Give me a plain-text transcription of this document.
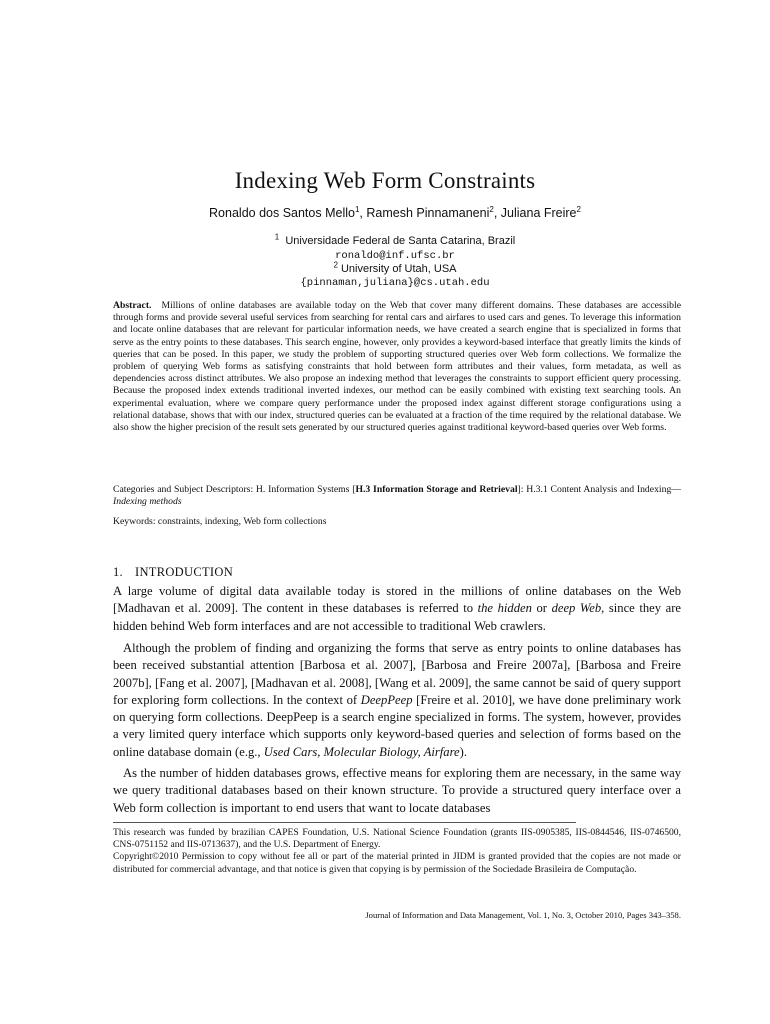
Indexing Web Form Constraints
Ronaldo dos Santos Mello$^1$, Ramesh Pinnamaneni$^2$, Juliana Freire$^2$
$^1$ Universidade Federal de Santa Catarina, Brazil
ronaldo@inf.ufsc.br
$^2$ University of Utah, USA
{pinnaman,juliana}@cs.utah.edu
Abstract. Millions of online databases are available today on the Web that cover many different domains. These databases are accessible through forms and provide several useful services from searching for rental cars and airfares to used cars and genes. To leverage this information and locate online databases that are relevant for particular information needs, we have created a search engine that is specialized in forms that serve as the entry points to these databases. This search engine, however, only provides a keyword-based interface that greatly limits the kinds of queries that can be posed. In this paper, we study the problem of supporting structured queries over Web form collections. We formalize the problem of querying Web forms as satisfying constraints that hold between form attributes and their values, form metadata, as well as dependencies across distinct attributes. We also propose an indexing method that leverages the constraints to support efficient query processing. Because the proposed index extends traditional inverted indexes, our method can be easily combined with existing text searching tools. An experimental evaluation, where we compare query performance under the proposed index against different storage configurations using a relational database, shows that with our index, structured queries can be evaluated at a fraction of the time required by the relational database. We also show the higher precision of the result sets generated by our structured queries against traditional keyword-based queries over Web forms.
Categories and Subject Descriptors: H. Information Systems [H.3 Information Storage and Retrieval]: H.3.1 Content Analysis and Indexing—Indexing methods
Keywords: constraints, indexing, Web form collections
1. INTRODUCTION
A large volume of digital data available today is stored in the millions of online databases on the Web [Madhavan et al. 2009]. The content in these databases is referred to the hidden or deep Web, since they are hidden behind Web form interfaces and are not accessible to traditional Web crawlers.
Although the problem of finding and organizing the forms that serve as entry points to online databases has been received substantial attention [Barbosa et al. 2007], [Barbosa and Freire 2007a], [Barbosa and Freire 2007b], [Fang et al. 2007], [Madhavan et al. 2008], [Wang et al. 2009], the same cannot be said of query support for exploring form collections. In the context of DeepPeep [Freire et al. 2010], we have done preliminary work on querying form collections. DeepPeep is a search engine specialized in forms. The system, however, provides a very limited query interface which supports only keyword-based queries and selection of forms based on the online database domain (e.g., Used Cars, Molecular Biology, Airfare).
As the number of hidden databases grows, effective means for exploring them are necessary, in the same way we query traditional databases based on their known structure. To provide a structured query interface over a Web form collection is important to end users that want to locate databases
This research was funded by brazilian CAPES Foundation, U.S. National Science Foundation (grants IIS-0905385, IIS-0844546, IIS-0746500, CNS-0751152 and IIS-0713637), and the U.S. Department of Energy.
Copyright©2010 Permission to copy without fee all or part of the material printed in JIDM is granted provided that the copies are not made or distributed for commercial advantage, and that notice is given that copying is by permission of the Sociedade Brasileira de Computação.
Journal of Information and Data Management, Vol. 1, No. 3, October 2010, Pages 343–358.
